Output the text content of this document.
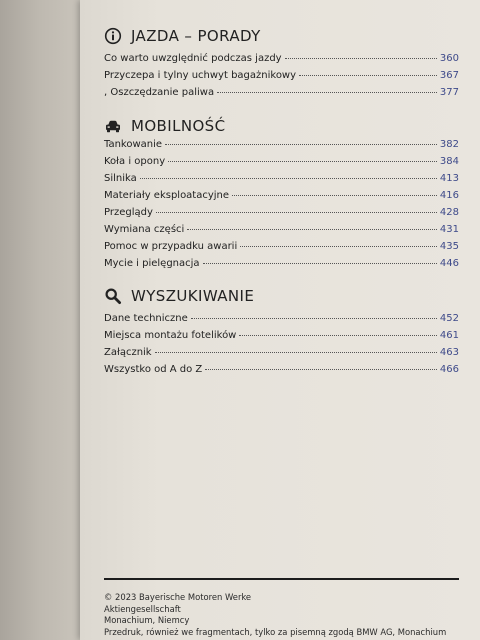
JAZDA – PORADY
Co warto uwzględnić podczas jazdy	360
Przyczepa i tylny uchwyt bagażnikowy	367
, Oszczędzanie paliwa	377
MOBILNOŚĆ
Tankowanie	382
Koła i opony	384
Silnika	413
Materiały eksploatacyjne	416
Przeglądy	428
Wymiana części	431
Pomoc w przypadku awarii	435
Mycie i pielęgnacja	446
WYSZUKIWANIE
Dane techniczne	452
Miejsca montażu fotelików	461
Załącznik	463
Wszystko od A do Z	466
© 2023 Bayerische Motoren Werke
Aktiengesellschaft
Monachium, Niemcy
Przedruk, również we fragmentach, tylko za pisemną zgodą BMW AG, Monachium
